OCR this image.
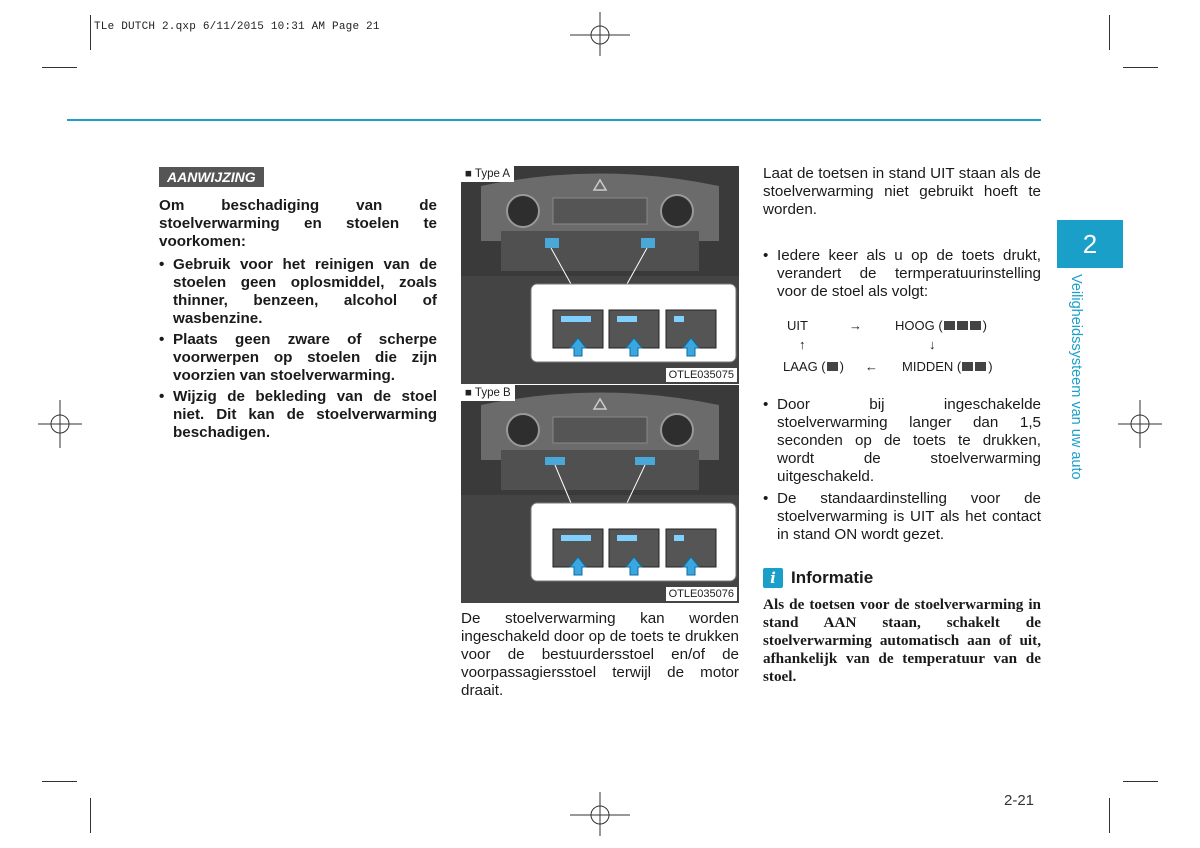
TLe DUTCH 2.qxp 6/11/2015 10:31 AM Page 21
AANWIJZING
Om beschadiging van de stoelverwarming en stoelen te voorkomen:
• Gebruik voor het reinigen van de stoelen geen oplosmiddel, zoals thinner, benzeen, alcohol of wasbenzine.
• Plaats geen zware of scherpe voorwerpen op stoelen die zijn voorzien van stoelverwarming.
• Wijzig de bekleding van de stoel niet. Dit kan de stoelverwarming beschadigen.
■ Type A
OTLE035075
■ Type B
OTLE035076
De stoelverwarming kan worden ingeschakeld door op de toets te drukken voor de bestuurdersstoel en/of de voorpassagiersstoel terwijl de motor draait.
Laat de toetsen in stand UIT staan als de stoelverwarming niet gebruikt hoeft te worden.
• Iedere keer als u op de toets drukt, verandert de termperatuurinstelling voor de stoel als volgt:
UIT	→	HOOG (	)
↑	↓
LAAG ( ) ← MIDDEN ( )
• Door bij ingeschakelde stoelverwarming langer dan 1,5 seconden op de toets te drukken, wordt de stoelverwarming uitgeschakeld.
• De standaardinstelling voor de stoelverwarming is UIT als het contact in stand ON wordt gezet.
i Informatie
Als de toetsen voor de stoelverwarming in stand AAN staan, schakelt de stoelverwarming automatisch aan of uit, afhankelijk van de temperatuur van de stoel.
2
Veiligheidssysteem van uw auto
2-21
